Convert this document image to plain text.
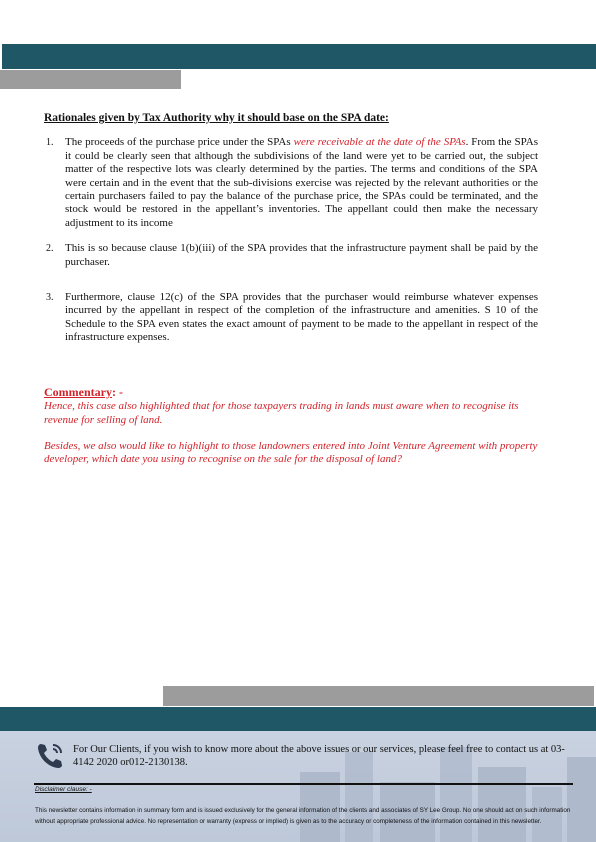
Rationales given by Tax Authority why it should base on the SPA date:
1. The proceeds of the purchase price under the SPAs were receivable at the date of the SPAs. From the SPAs it could be clearly seen that although the subdivisions of the land were yet to be carried out, the subject matter of the respective lots was clearly determined by the parties. The terms and conditions of the SPA were certain and in the event that the sub-divisions exercise was rejected by the relevant authorities or the certain purchasers failed to pay the balance of the purchase price, the SPAs could be terminated, and the stock would be restored in the appellant’s inventories. The appellant could then make the necessary adjustment to its income
2. This is so because clause 1(b)(iii) of the SPA provides that the infrastructure payment shall be paid by the purchaser.
3. Furthermore, clause 12(c) of the SPA provides that the purchaser would reimburse whatever expenses incurred by the appellant in respect of the completion of the infrastructure and amenities. S 10 of the Schedule to the SPA even states the exact amount of payment to be made to the appellant in respect of the infrastructure expenses.
Commentary: -

Hence, this case also highlighted that for those taxpayers trading in lands must aware when to recognise its revenue for selling of land.

Besides, we also would like to highlight to those landowners entered into Joint Venture Agreement with property developer, which date you using to recognise on the sale for the disposal of land?

For Our Clients, if you wish to know more about the above issues or our services, please feel free to contact us at 03-4142 2020 or012-2130138.
Disclaimer clause: -
This newsletter contains information in summary form and is issued exclusively for the general information of the clients and associates of SY Lee Group. No one should act on such information without appropriate professional advice. No representation or warranty (express or implied) is given as to the accuracy or completeness of the information contained in this newsletter.
